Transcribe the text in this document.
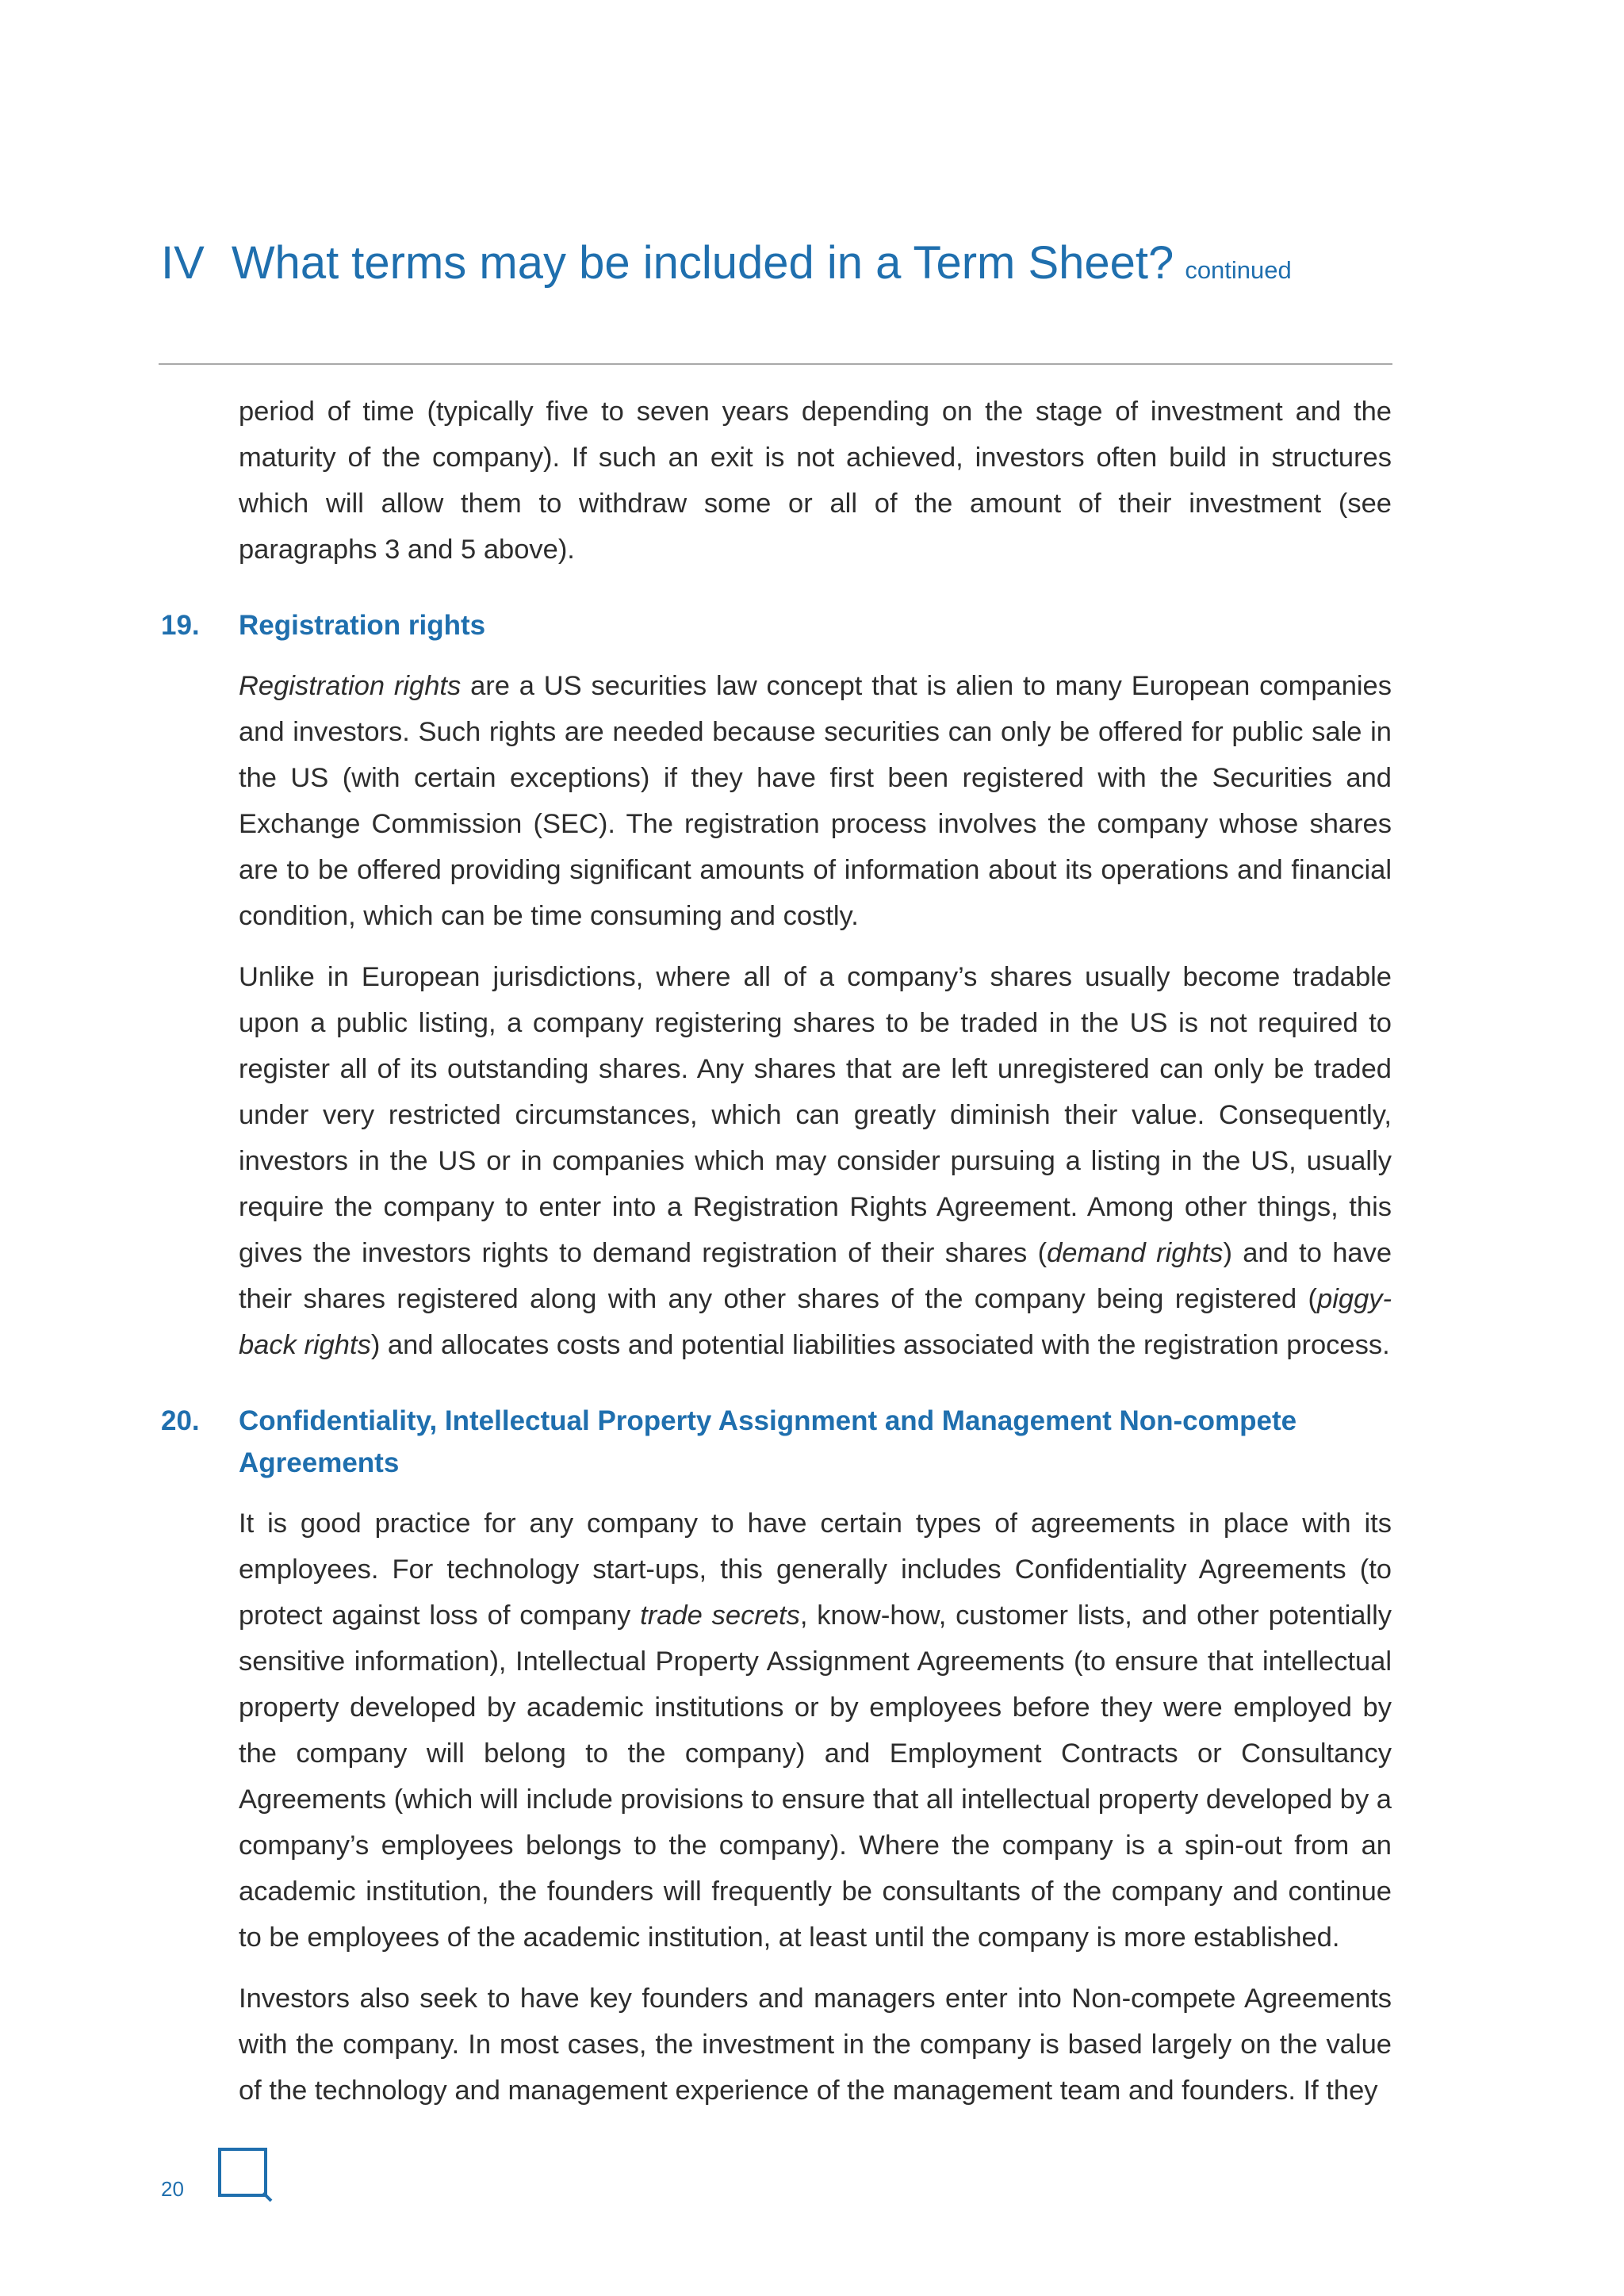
IV What terms may be included in a Term Sheet? continued

period of time (typically five to seven years depending on the stage of investment and the maturity of the company). If such an exit is not achieved, investors often build in structures which will allow them to withdraw some or all of the amount of their investment (see paragraphs 3 and 5 above).

19.	Registration rights

Registration rights are a US securities law concept that is alien to many European companies and investors. Such rights are needed because securities can only be offered for public sale in the US (with certain exceptions) if they have first been registered with the Securities and Exchange Commission (SEC). The registration process involves the company whose shares are to be offered providing significant amounts of information about its operations and financial condition, which can be time consuming and costly.

Unlike in European jurisdictions, where all of a company’s shares usually become tradable upon a public listing, a company registering shares to be traded in the US is not required to register all of its outstanding shares. Any shares that are left unregistered can only be traded under very restricted circumstances, which can greatly diminish their value. Consequently, investors in the US or in companies which may consider pursuing a listing in the US, usually require the company to enter into a Registration Rights Agreement. Among other things, this gives the investors rights to demand registration of their shares (demand rights) and to have their shares registered along with any other shares of the company being registered (piggy-back rights) and allocates costs and potential liabilities associated with the registration process.

20.	Confidentiality, Intellectual Property Assignment and Management Non-compete Agreements

It is good practice for any company to have certain types of agreements in place with its employees. For technology start-ups, this generally includes Confidentiality Agreements (to protect against loss of company trade secrets, know-how, customer lists, and other potentially sensitive information), Intellectual Property Assignment Agreements (to ensure that intellectual property developed by academic institutions or by employees before they were employed by the company will belong to the company) and Employment Contracts or Consultancy Agreements (which will include provisions to ensure that all intellectual property developed by a company’s employees belongs to the company). Where the company is a spin-out from an academic institution, the founders will frequently be consultants of the company and continue to be employees of the academic institution, at least until the company is more established.

Investors also seek to have key founders and managers enter into Non-compete Agreements with the company. In most cases, the investment in the company is based largely on the value of the technology and management experience of the management team and founders. If they

20
